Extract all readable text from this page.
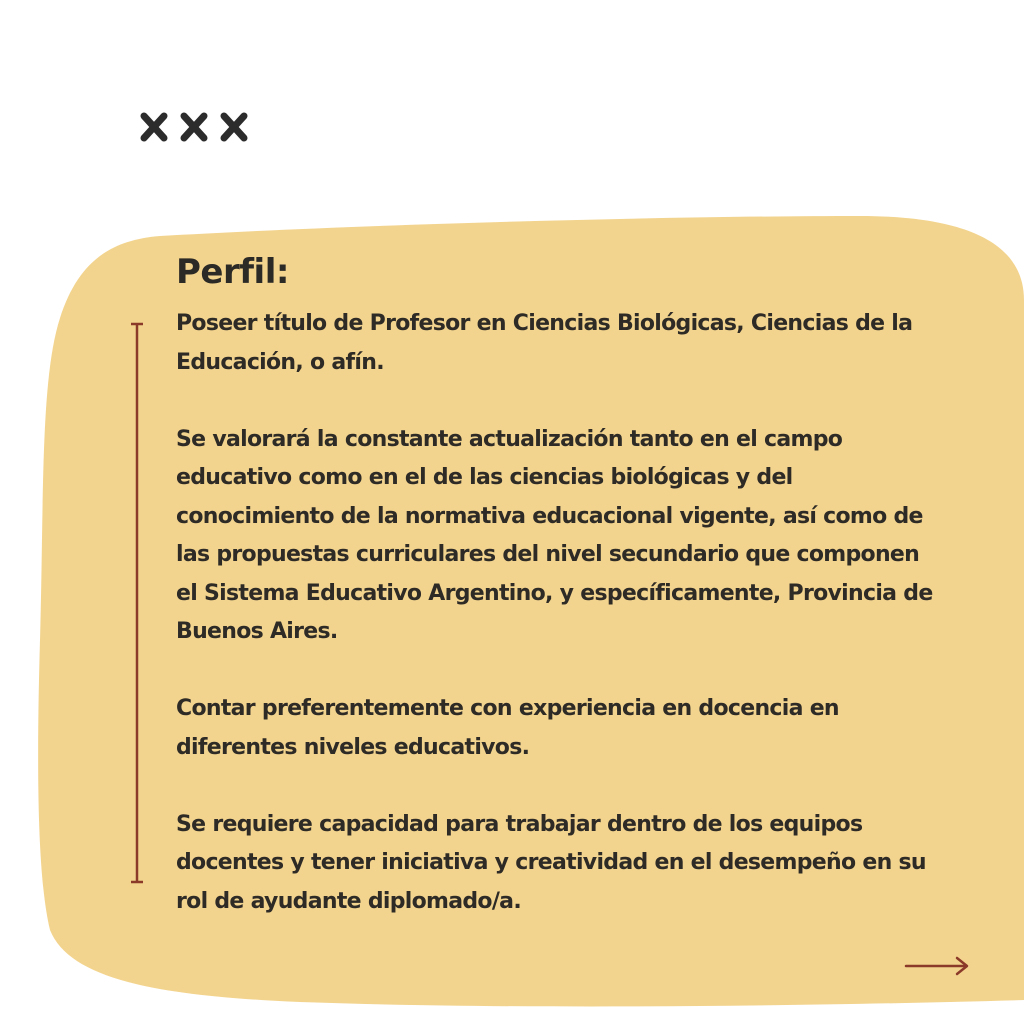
Perfil:

Poseer título de Profesor en Ciencias Biológicas, Ciencias de la Educación, o afín.

Se valorará la constante actualización tanto en el campo educativo como en el de las ciencias biológicas y del conocimiento de la normativa educacional vigente, así como de las propuestas curriculares del nivel secundario que componen el Sistema Educativo Argentino, y específicamente, Provincia de Buenos Aires.

Contar preferentemente con experiencia en docencia en diferentes niveles educativos.

Se requiere capacidad para trabajar dentro de los equipos docentes y tener iniciativa y creatividad en el desempeño en su rol de ayudante diplomado/a.
